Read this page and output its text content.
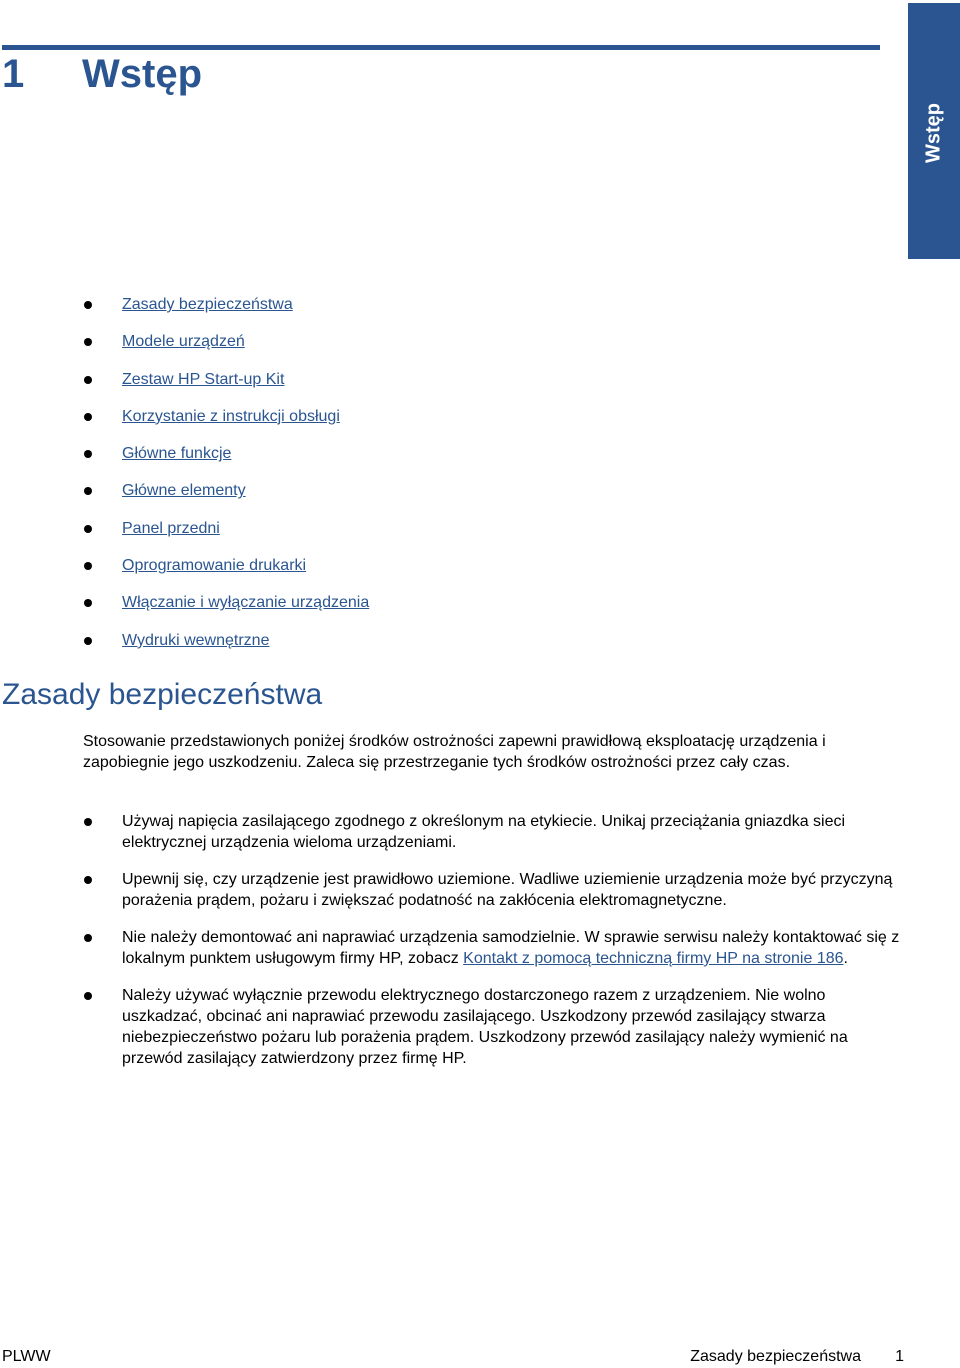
1 Wstęp
Wstęp
Zasady bezpieczeństwa
Modele urządzeń
Zestaw HP Start-up Kit
Korzystanie z instrukcji obsługi
Główne funkcje
Główne elementy
Panel przedni
Oprogramowanie drukarki
Włączanie i wyłączanie urządzenia
Wydruki wewnętrzne
Zasady bezpieczeństwa

Stosowanie przedstawionych poniżej środków ostrożności zapewni prawidłową eksploatację urządzenia i zapobiegnie jego uszkodzeniu. Zaleca się przestrzeganie tych środków ostrożności przez cały czas.

Używaj napięcia zasilającego zgodnego z określonym na etykiecie. Unikaj przeciążania gniazdka sieci elektrycznej urządzenia wieloma urządzeniami.
Upewnij się, czy urządzenie jest prawidłowo uziemione. Wadliwe uziemienie urządzenia może być przyczyną porażenia prądem, pożaru i zwiększać podatność na zakłócenia elektromagnetyczne.
Nie należy demontować ani naprawiać urządzenia samodzielnie. W sprawie serwisu należy kontaktować się z lokalnym punktem usługowym firmy HP, zobacz Kontakt z pomocą techniczną firmy HP na stronie 186.
Należy używać wyłącznie przewodu elektrycznego dostarczonego razem z urządzeniem. Nie wolno uszkadzać, obcinać ani naprawiać przewodu zasilającego. Uszkodzony przewód zasilający stwarza niebezpieczeństwo pożaru lub porażenia prądem. Uszkodzony przewód zasilający należy wymienić na przewód zasilający zatwierdzony przez firmę HP.
PLWW	Zasady bezpieczeństwa 1
